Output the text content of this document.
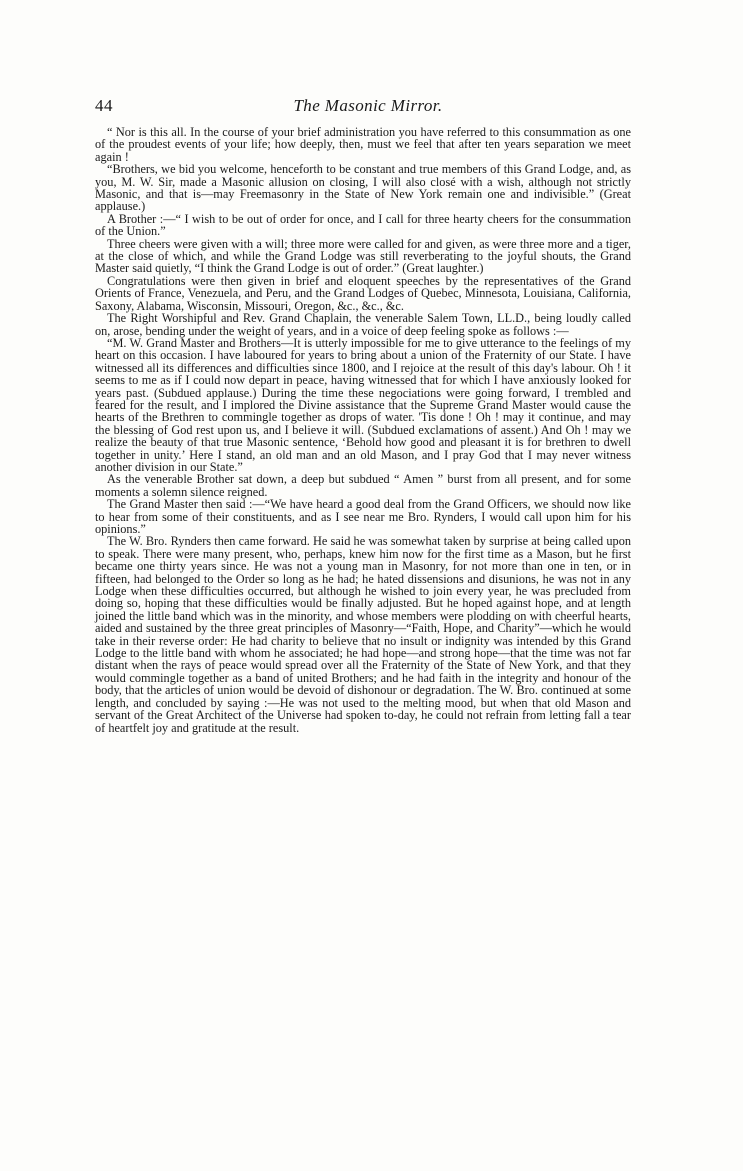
44	The Masonic Mirror.

“ Nor is this all. In the course of your brief administration you have referred to this consummation as one of the proudest events of your life; how deeply, then, must we feel that after ten years separation we meet again !

“Brothers, we bid you welcome, henceforth to be constant and true members of this Grand Lodge, and, as you, M. W. Sir, made a Masonic allusion on closing, I will also closé with a wish, although not strictly Masonic, and that is—may Freemasonry in the State of New York remain one and indivisible.” (Great applause.)

A Brother :—“ I wish to be out of order for once, and I call for three hearty cheers for the consummation of the Union.”

Three cheers were given with a will; three more were called for and given, as were three more and a tiger, at the close of which, and while the Grand Lodge was still reverberating to the joyful shouts, the Grand Master said quietly, “I think the Grand Lodge is out of order.” (Great laughter.)

Congratulations were then given in brief and eloquent speeches by the representatives of the Grand Orients of France, Venezuela, and Peru, and the Grand Lodges of Quebec, Minnesota, Louisiana, California, Saxony, Alabama, Wisconsin, Missouri, Oregon, &c., &c., &c.

The Right Worshipful and Rev. Grand Chaplain, the venerable Salem Town, LL.D., being loudly called on, arose, bending under the weight of years, and in a voice of deep feeling spoke as follows :—

“M. W. Grand Master and Brothers—It is utterly impossible for me to give utterance to the feelings of my heart on this occasion. I have laboured for years to bring about a union of the Fraternity of our State. I have witnessed all its differences and difficulties since 1800, and I rejoice at the result of this day's labour. Oh ! it seems to me as if I could now depart in peace, having witnessed that for which I have anxiously looked for years past. (Subdued applause.) During the time these negociations were going forward, I trembled and feared for the result, and I implored the Divine assistance that the Supreme Grand Master would cause the hearts of the Brethren to commingle together as drops of water. 'Tis done ! Oh ! may it continue, and may the blessing of God rest upon us, and I believe it will. (Subdued exclamations of assent.) And Oh ! may we realize the beauty of that true Masonic sentence, ‘Behold how good and pleasant it is for brethren to dwell together in unity.’ Here I stand, an old man and an old Mason, and I pray God that I may never witness another division in our State.”

As the venerable Brother sat down, a deep but subdued “ Amen ” burst from all present, and for some moments a solemn silence reigned.

The Grand Master then said :—“We have heard a good deal from the Grand Officers, we should now like to hear from some of their constituents, and as I see near me Bro. Rynders, I would call upon him for his opinions.”

The W. Bro. Rynders then came forward. He said he was somewhat taken by surprise at being called upon to speak. There were many present, who, perhaps, knew him now for the first time as a Mason, but he first became one thirty years since. He was not a young man in Masonry, for not more than one in ten, or in fifteen, had belonged to the Order so long as he had; he hated dissensions and disunions, he was not in any Lodge when these difficulties occurred, but although he wished to join every year, he was precluded from doing so, hoping that these difficulties would be finally adjusted. But he hoped against hope, and at length joined the little band which was in the minority, and whose members were plodding on with cheerful hearts, aided and sustained by the three great principles of Masonry—“Faith, Hope, and Charity”—which he would take in their reverse order: He had charity to believe that no insult or indignity was intended by this Grand Lodge to the little band with whom he associated; he had hope—and strong hope—that the time was not far distant when the rays of peace would spread over all the Fraternity of the State of New York, and that they would commingle together as a band of united Brothers; and he had faith in the integrity and honour of the body, that the articles of union would be devoid of dishonour or degradation. The W. Bro. continued at some length, and concluded by saying :—He was not used to the melting mood, but when that old Mason and servant of the Great Architect of the Universe had spoken to-day, he could not refrain from letting fall a tear of heartfelt joy and gratitude at the result.
